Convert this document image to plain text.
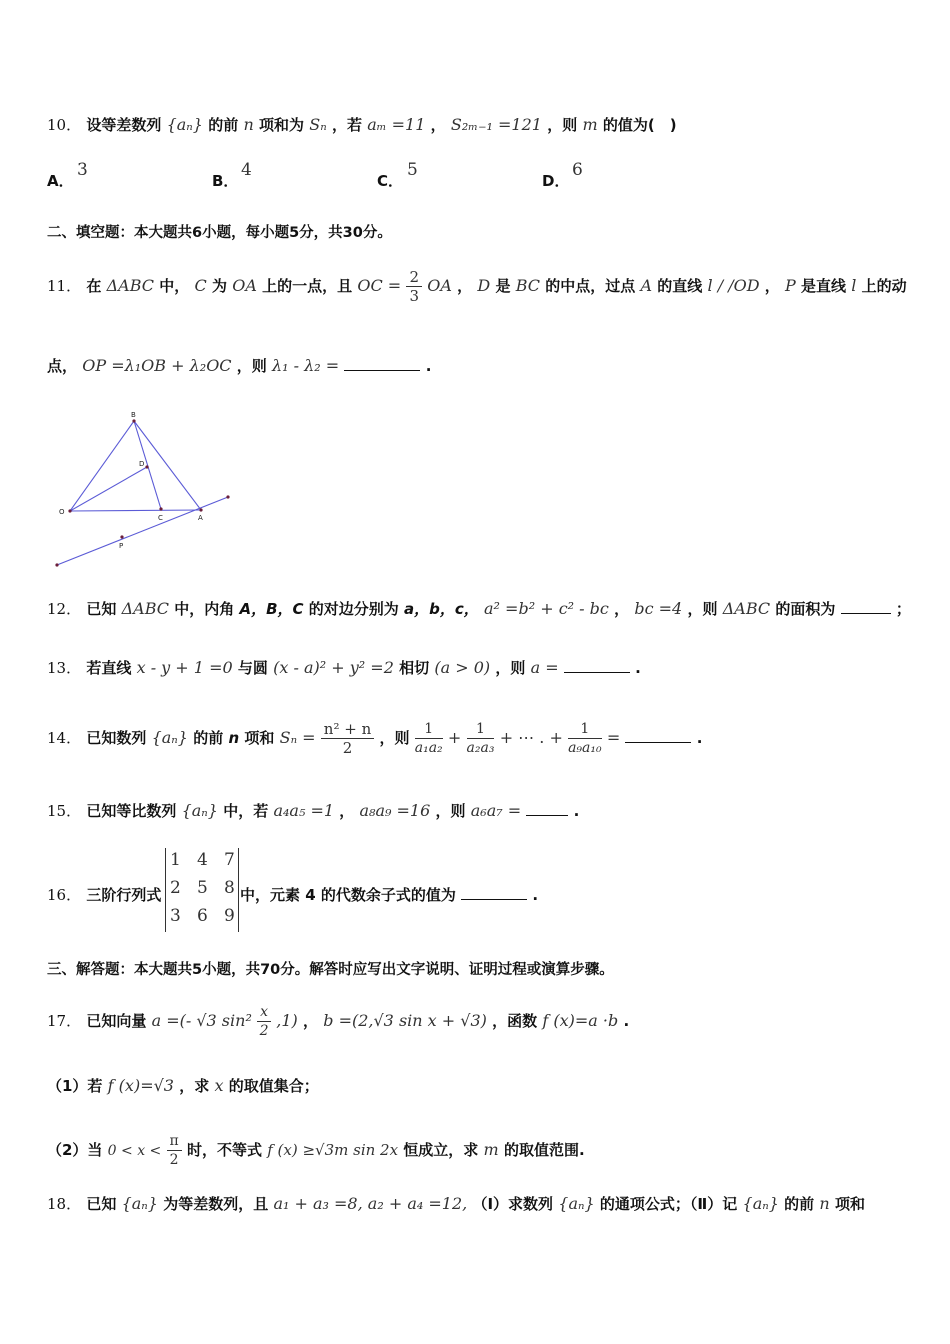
10． 设等差数列 {aₙ} 的前 n 项和为 Sₙ ，若 aₘ =11 ， S₂ₘ₋₁ =121 ，则 m 的值为(　)
A．
3
B．
4
C．
5
D．
6
二、填空题：本大题共6小题，每小题5分，共30分。
11． 在 ΔABC 中， C 为 OA 上的一点，且 OC = $\frac{2}{3}$ OA ， D 是 BC 的中点，过点 A 的直线 l / /OD ， P 是直线 l 上的动
点， OP =λ₁OB + λ₂OC ，则 λ₁ - λ₂ =	.
B
D
O
C	A
P
12． 已知 ΔABC 中，内角 A，B，C 的对边分别为 a，b，c， a² =b² + c² - bc ， bc =4 ，则 ΔABC 的面积为	；
13． 若直线 x - y + 1 =0 与圆 (x - a)² + y² =2 相切 (a > 0) ，则 a =	.
14． 已知数列 {aₙ} 的前 n 项和 $S_n = \frac{\text{n² + n}}{2}$ ，则 $\frac{1}{\text{a₁a₂}} + \frac{1}{\text{a₂a₃}}$ + ⋯ . + $\frac{1}{\text{a₉a₁₀}}$ =	.
15． 已知等比数列 {aₙ} 中，若 a₄a₅ =1 ， a₈a₉ =16 ，则 a₆a₇ =	.
16． 三阶行列式
1 4 7
2 5 8
3 6 9
中，元素 4 的代数余子式的值为	.
三、解答题：本大题共5小题，共70分。解答时应写出文字说明、证明过程或演算步骤。
17． 已知向量 a =(- √3 $\sin^2 \frac{x}{2} ,1$) ， b =(2,√3 sin x + √3) ，函数 f (x)=a ·b .
（1）若 f (x)=√3 ，求 x 的取值集合；
（2）当 $0 < x < \frac{\pi}{2}$ 时，不等式 f (x) ≥√3m sin 2x 恒成立，求 m 的取值范围.
18． 已知 {aₙ} 为等差数列，且 a₁ + a₃ =8, a₂ + a₄ =12, （Ⅰ）求数列 {aₙ} 的通项公式；（Ⅱ）记 {aₙ} 的前 n 项和
